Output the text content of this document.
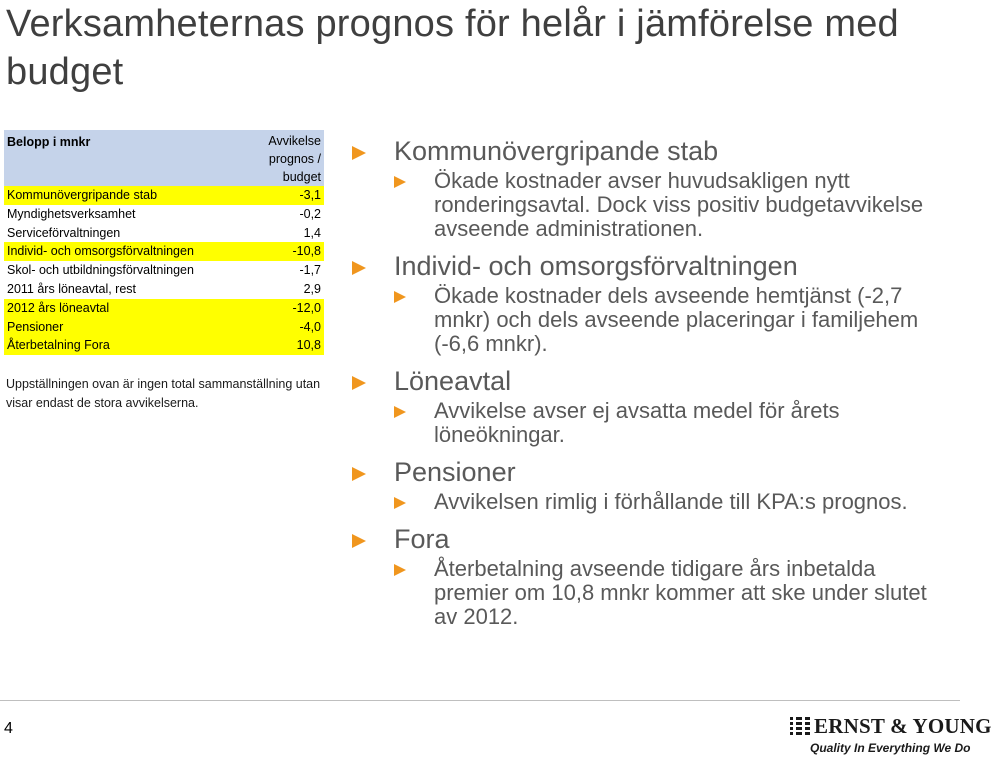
Verksamheternas prognos för helår i jämförelse med budget
Belopp i mnkr	Avvikelse
prognos /
budget

Kommunövergripande stab	-3,1
Myndighetsverksamhet	-0,2
Serviceförvaltningen	1,4
Individ- och omsorgsförvaltningen	-10,8
Skol- och utbildningsförvaltningen	-1,7
2011 års löneavtal, rest	2,9
2012 års löneavtal	-12,0
Pensioner	-4,0
Återbetalning Fora	10,8
Uppställningen ovan är ingen total sammanställning utan visar endast de stora avvikelserna.
Kommunövergripande stab
Ökade kostnader avser huvudsakligen nytt ronderingsavtal. Dock viss positiv budgetavvikelse avseende administrationen.
Individ- och omsorgsförvaltningen
Ökade kostnader dels avseende hemtjänst (-2,7 mnkr) och dels avseende placeringar i familjehem (-6,6 mnkr).
Löneavtal
Avvikelse avser ej avsatta medel för årets löneökningar.
Pensioner
Avvikelsen rimlig i förhållande till KPA:s prognos.
Fora
Återbetalning avseende tidigare års inbetalda premier om 10,8 mnkr kommer att ske under slutet av 2012.
4	ERNST & YOUNG
Quality In Everything We Do
